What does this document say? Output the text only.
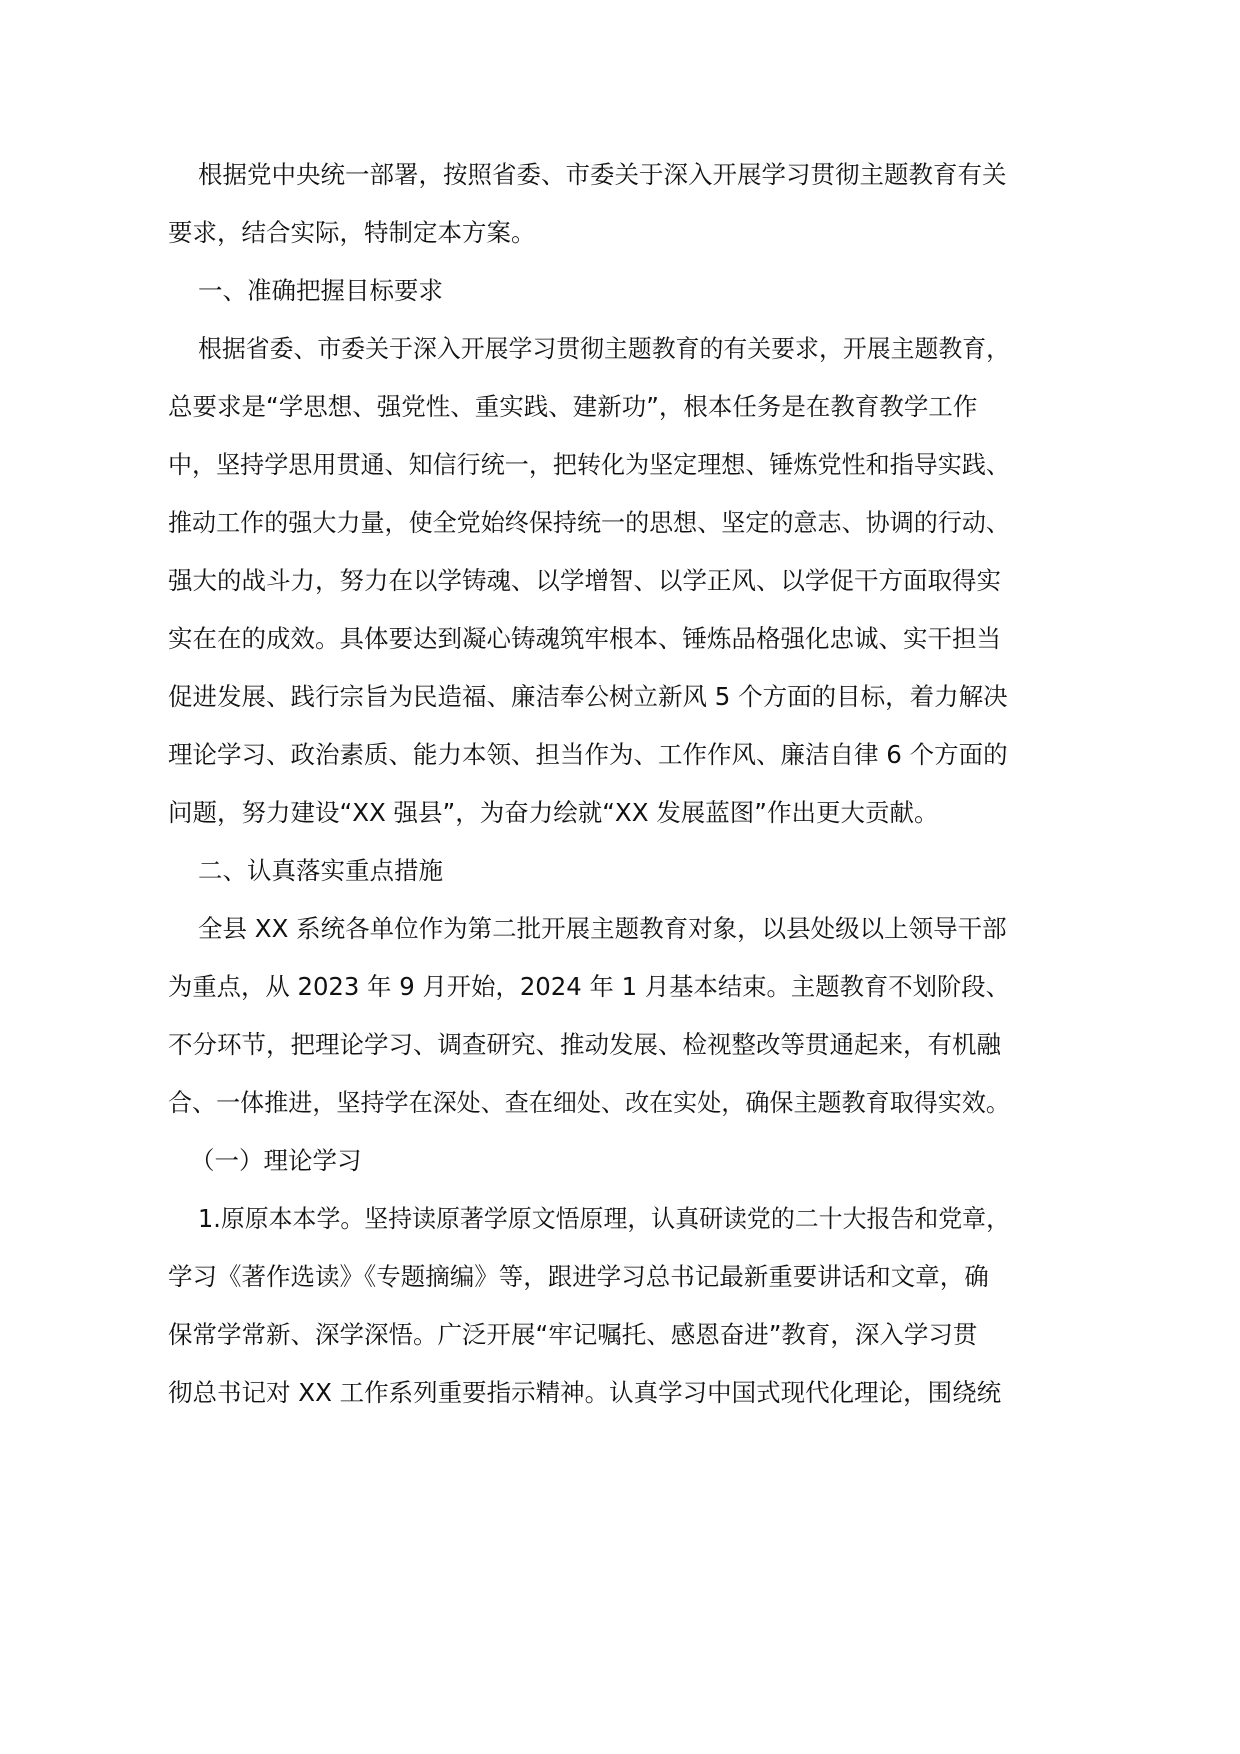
根据党中央统一部署，按照省委、市委关于深入开展学习贯彻主题教育有关
要求，结合实际，特制定本方案。
一、准确把握目标要求
根据省委、市委关于深入开展学习贯彻主题教育的有关要求，开展主题教育，
总要求是“学思想、强党性、重实践、建新功”，根本任务是在教育教学工作
中，坚持学思用贯通、知信行统一，把转化为坚定理想、锤炼党性和指导实践、
推动工作的强大力量，使全党始终保持统一的思想、坚定的意志、协调的行动、
强大的战斗力，努力在以学铸魂、以学增智、以学正风、以学促干方面取得实
实在在的成效。具体要达到凝心铸魂筑牢根本、锤炼品格强化忠诚、实干担当
促进发展、践行宗旨为民造福、廉洁奉公树立新风 5 个方面的目标，着力解决
理论学习、政治素质、能力本领、担当作为、工作作风、廉洁自律 6 个方面的
问题，努力建设“XX 强县”，为奋力绘就“XX 发展蓝图”作出更大贡献。
二、认真落实重点措施
全县 XX 系统各单位作为第二批开展主题教育对象，以县处级以上领导干部
为重点，从 2023 年 9 月开始，2024 年 1 月基本结束。主题教育不划阶段、
不分环节，把理论学习、调查研究、推动发展、检视整改等贯通起来，有机融
合、一体推进，坚持学在深处、查在细处、改在实处，确保主题教育取得实效。
（一）理论学习
1.原原本本学。坚持读原著学原文悟原理，认真研读党的二十大报告和党章，
学习《著作选读》《专题摘编》等，跟进学习总书记最新重要讲话和文章，确
保常学常新、深学深悟。广泛开展“牢记嘱托、感恩奋进”教育，深入学习贯
彻总书记对 XX 工作系列重要指示精神。认真学习中国式现代化理论，围绕统
